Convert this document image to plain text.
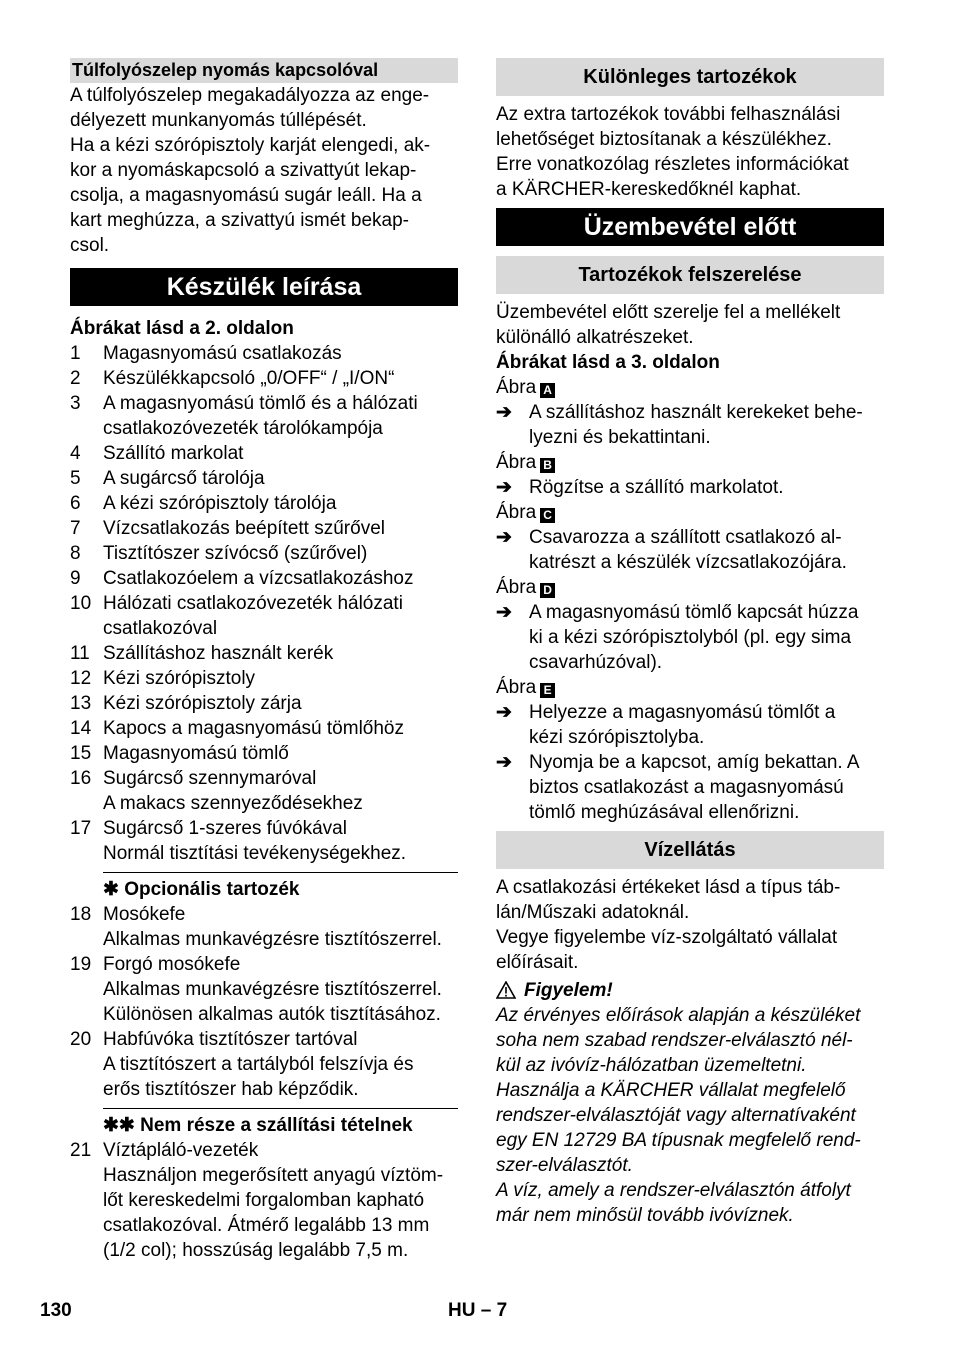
Túlfolyószelep nyomás kapcsolóval

A túlfolyószelep megakadályozza az enge-

délyezett munkanyomás túllépését.

Ha a kézi szórópisztoly karját elengedi, ak-

kor a nyomáskapcsoló a szivattyút lekap-

csolja, a magasnyomású sugár leáll. Ha a

kart meghúzza, a szivattyú ismét bekap-

csol.

Készülék leírása

Ábrákat lásd a 2. oldalon

1 Magasnyomású csatlakozás

2 Készülékkapcsoló „0/OFF“ / „I/ON“

3 A magasnyomású tömlő és a hálózati

csatlakozóvezeték tárolókampója

4 Szállító markolat

5 A sugárcső tárolója

6 A kézi szórópisztoly tárolója

7 Vízcsatlakozás beépített szűrővel

8 Tisztítószer szívócső (szűrővel)

9 Csatlakozóelem a vízcsatlakozáshoz

10 Hálózati csatlakozóvezeték hálózati

csatlakozóval

11 Szállításhoz használt kerék

12 Kézi szórópisztoly

13 Kézi szórópisztoly zárja

14 Kapocs a magasnyomású tömlőhöz

15 Magasnyomású tömlő

16 Sugárcső szennymaróval

A makacs szennyeződésekhez

17 Sugárcső 1-szeres fúvókával

Normál tisztítási tevékenységekhez.

✱ Opcionális tartozék

18 Mosókefe

Alkalmas munkavégzésre tisztítószerrel.

19 Forgó mosókefe

Alkalmas munkavégzésre tisztítószerrel.

Különösen alkalmas autók tisztításához.

20 Habfúvóka tisztítószer tartóval

A tisztítószert a tartályból felszívja és

erős tisztítószer hab képződik.

✱✱ Nem része a szállítási tételnek

21 Víztápláló-vezeték

Használjon megerősített anyagú víztöm-

lőt kereskedelmi forgalomban kapható

csatlakozóval. Átmérő legalább 13 mm

(1/2 col); hosszúság legalább 7,5 m.

Különleges tartozékok

Az extra tartozékok további felhasználási

lehetőséget biztosítanak a készülékhez.

Erre vonatkozólag részletes információkat

a KÄRCHER-kereskedőknél kaphat.

Üzembevétel előtt
Tartozékok felszerelése

Üzembevétel előtt szerelje fel a mellékelt

különálló alkatrészeket.

Ábrákat lásd a 3. oldalon

Ábra A

➔ A szállításhoz használt kerekeket behe-

lyezni és bekattintani.

Ábra B

➔ Rögzítse a szállító markolatot.

Ábra C

➔ Csavarozza a szállított csatlakozó al-

katrészt a készülék vízcsatlakozójára.

Ábra D

➔ A magasnyomású tömlő kapcsát húzza

ki a kézi szórópisztolyból (pl. egy sima

csavarhúzóval).

Ábra E

➔ Helyezze a magasnyomású tömlőt a

kézi szórópisztolyba.

➔ Nyomja be a kapcsot, amíg bekattan. A

biztos csatlakozást a magasnyomású

tömlő meghúzásával ellenőrizni.

Vízellátás

A csatlakozási értékeket lásd a típus táb-

lán/Műszaki adatoknál.

Vegye figyelembe víz-szolgáltató vállalat

előírásait.

Figyelem!

Az érvényes előírások alapján a készüléket

soha nem szabad rendszer-elválasztó nél-

kül az ivóvíz-hálózatban üzemeltetni.

Használja a KÄRCHER vállalat megfelelő

rendszer-elválasztóját vagy alternatívaként

egy EN 12729 BA típusnak megfelelő rend-

szer-elválasztót.

A víz, amely a rendszer-elválasztón átfolyt

már nem minősül tovább ivóvíznek.

130	HU – 7
